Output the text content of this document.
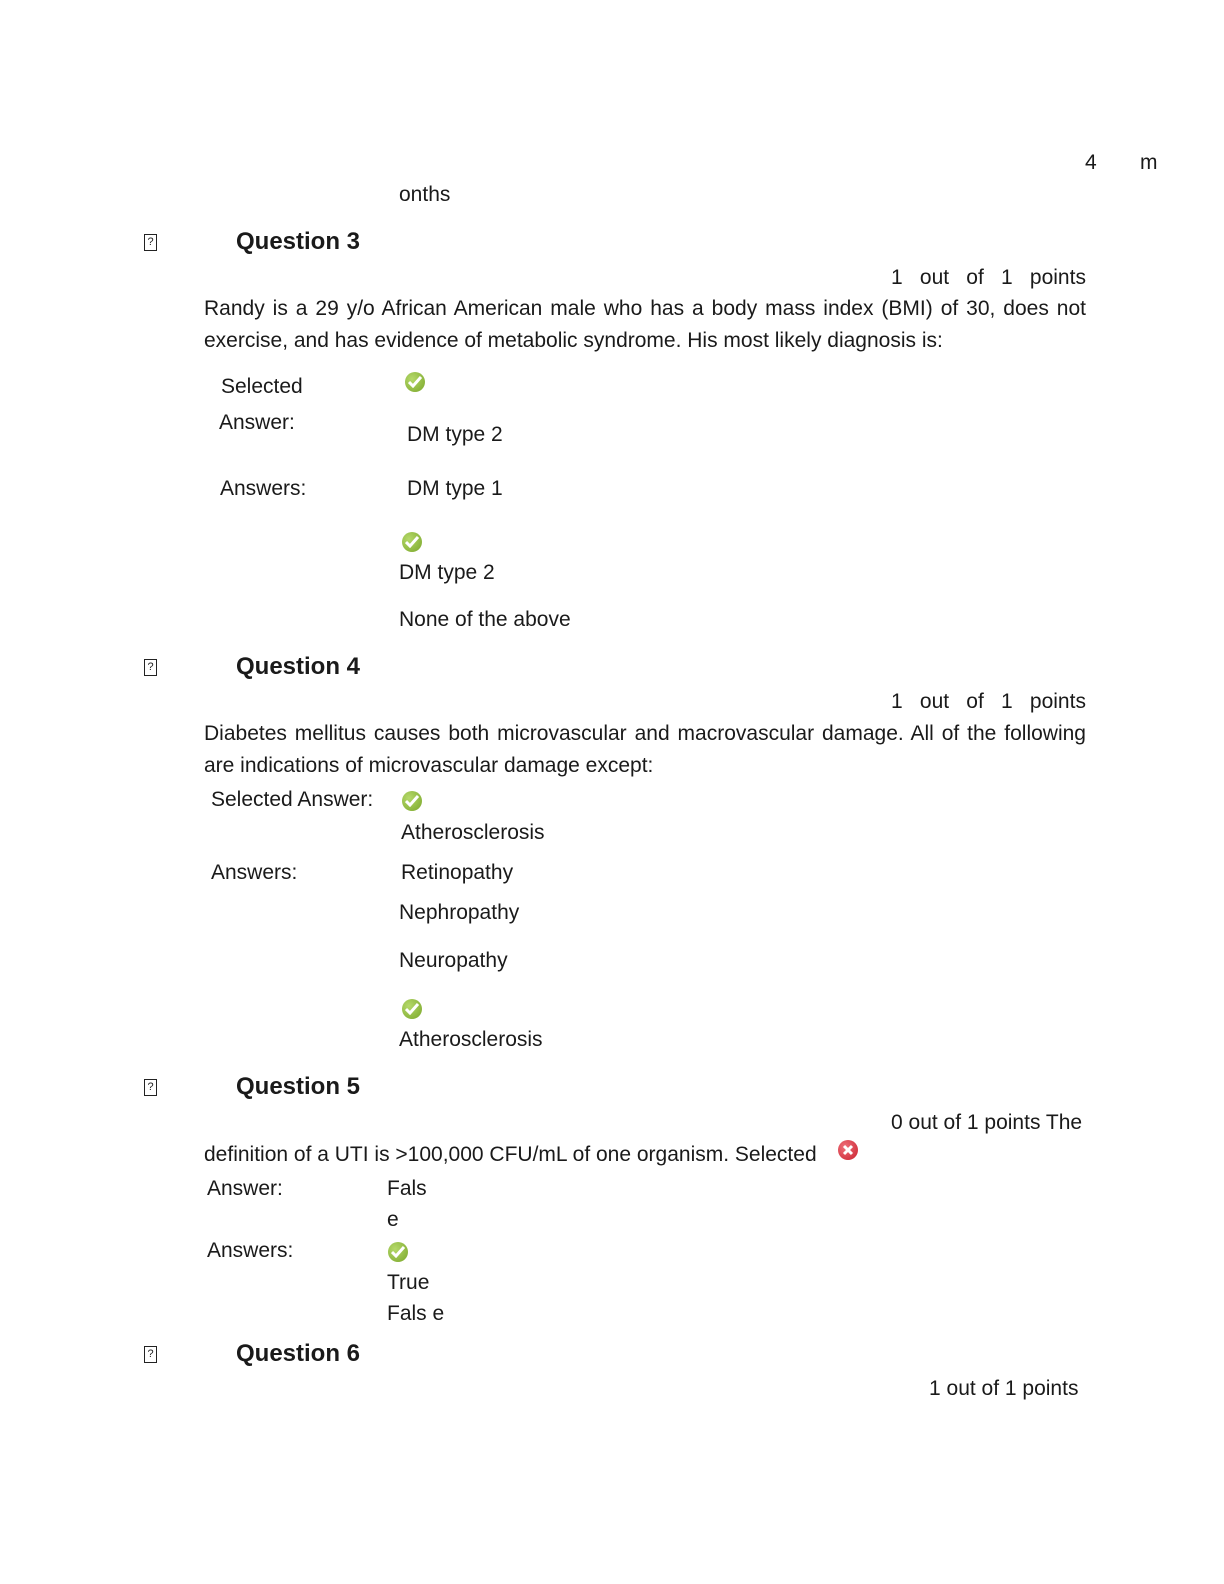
4 m
onths
?	Question 3
1 out of 1 points
Randy is a 29 y/o African American male who has a body mass index (BMI) of 30, does not exercise, and has evidence of metabolic syndrome. His most likely diagnosis is:
Selected
Answer:
DM type 2
Answers:	DM type 1
DM type 2
None of the above
?	Question 4
1 out of 1 points
Diabetes mellitus causes both microvascular and macrovascular damage. All of the following are indications of microvascular damage except:
Selected Answer:
Atherosclerosis
Answers:	Retinopathy
Nephropathy
Neuropathy
Atherosclerosis
?	Question 5
0 out of 1 points The
definition of a UTI is >100,000 CFU/mL of one organism. Selected
Answer:	Fals
e
Answers:
True
Fals e
?	Question 6
1 out of 1 points
